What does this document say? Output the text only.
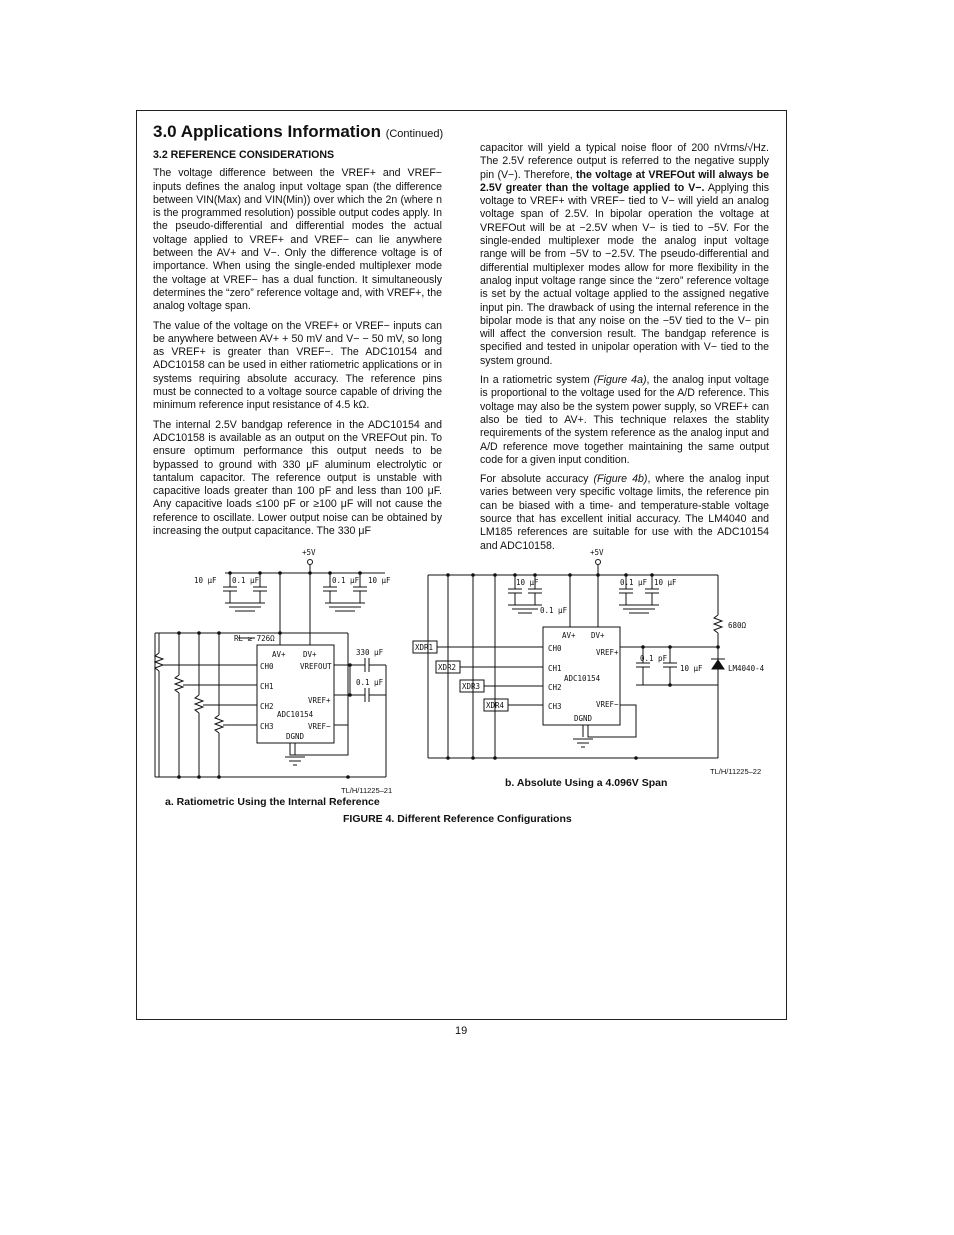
3.0 Applications Information (Continued)

3.2 REFERENCE CONSIDERATIONS

The voltage difference between the VREF+ and VREF− inputs defines the analog input voltage span (the difference between VIN(Max) and VIN(Min)) over which the 2n (where n is the programmed resolution) possible output codes apply. In the pseudo-differential and differential modes the actual voltage applied to VREF+ and VREF− can lie anywhere between the AV+ and V−. Only the difference voltage is of importance. When using the single-ended multiplexer mode the voltage at VREF− has a dual function. It simultaneously determines the “zero” reference voltage and, with VREF+, the analog voltage span.

The value of the voltage on the VREF+ or VREF− inputs can be anywhere between AV+ + 50 mV and V− − 50 mV, so long as VREF+ is greater than VREF−. The ADC10154 and ADC10158 can be used in either ratiometric applications or in systems requiring absolute accuracy. The reference pins must be connected to a voltage source capable of driving the minimum reference input resistance of 4.5 kΩ.

The internal 2.5V bandgap reference in the ADC10154 and ADC10158 is available as an output on the VREFOut pin. To ensure optimum performance this output needs to be bypassed to ground with 330 μF aluminum electrolytic or tantalum capacitor. The reference output is unstable with capacitive loads greater than 100 pF and less than 100 μF. Any capacitive loads ≤100 pF or ≥100 μF will not cause the reference to oscillate. Lower output noise can be obtained by increasing the output capacitance. The 330 μF

capacitor will yield a typical noise floor of 200 nVrms/√Hz. The 2.5V reference output is referred to the negative supply pin (V−). Therefore, the voltage at VREFOut will always be 2.5V greater than the voltage applied to V−. Applying this voltage to VREF+ with VREF− tied to V− will yield an analog voltage span of 2.5V. In bipolar operation the voltage at VREFOut will be at −2.5V when V− is tied to −5V. For the single-ended multiplexer mode the analog input voltage range will be from −5V to −2.5V. The pseudo-differential and differential multiplexer modes allow for more flexibility in the analog input voltage range since the “zero” reference voltage is set by the actual voltage applied to the assigned negative input pin. The drawback of using the internal reference in the bipolar mode is that any noise on the −5V tied to the V− pin will affect the conversion result. The bandgap reference is specified and tested in unipolar operation with V− tied to the system ground.

In a ratiometric system (Figure 4a), the analog input voltage is proportional to the voltage used for the A/D reference. This voltage may also be the system power supply, so VREF+ can also be tied to AV+. This technique relaxes the stablity requirements of the system reference as the analog input and A/D reference move together maintaining the same output code for a given input condition.

For absolute accuracy (Figure 4b), where the analog input varies between very specific voltage limits, the reference pin can be biased with a time- and temperature-stable voltage source that has excellent initial accuracy. The LM4040 and LM185 references are suitable for use with the ADC10154 and ADC10158.

+5V
10 μF 0.1 μF	0.1 μF 10 μF
RL ≥ 726Ω
330 μF
0.1 μF
AV+ DV+
CH0	VREFOUT
CH1
CH2
VREF+
CH3	VREF−
ADC10154
DGND
TL/H/11225–21
a. Ratiometric Using the Internal Reference
+5V
10 μF
0.1 μF
0.1 μF 10 μF
XDR1
XDR2
XDR3
XDR4
680Ω
0.1 pF
10 μF	LM4040-4
AV+ DV+
CH0	VREF+
CH1
CH2
CH3	VREF−
ADC10154
DGND
TL/H/11225–22
b. Absolute Using a 4.096V Span
FIGURE 4. Different Reference Configurations
19
